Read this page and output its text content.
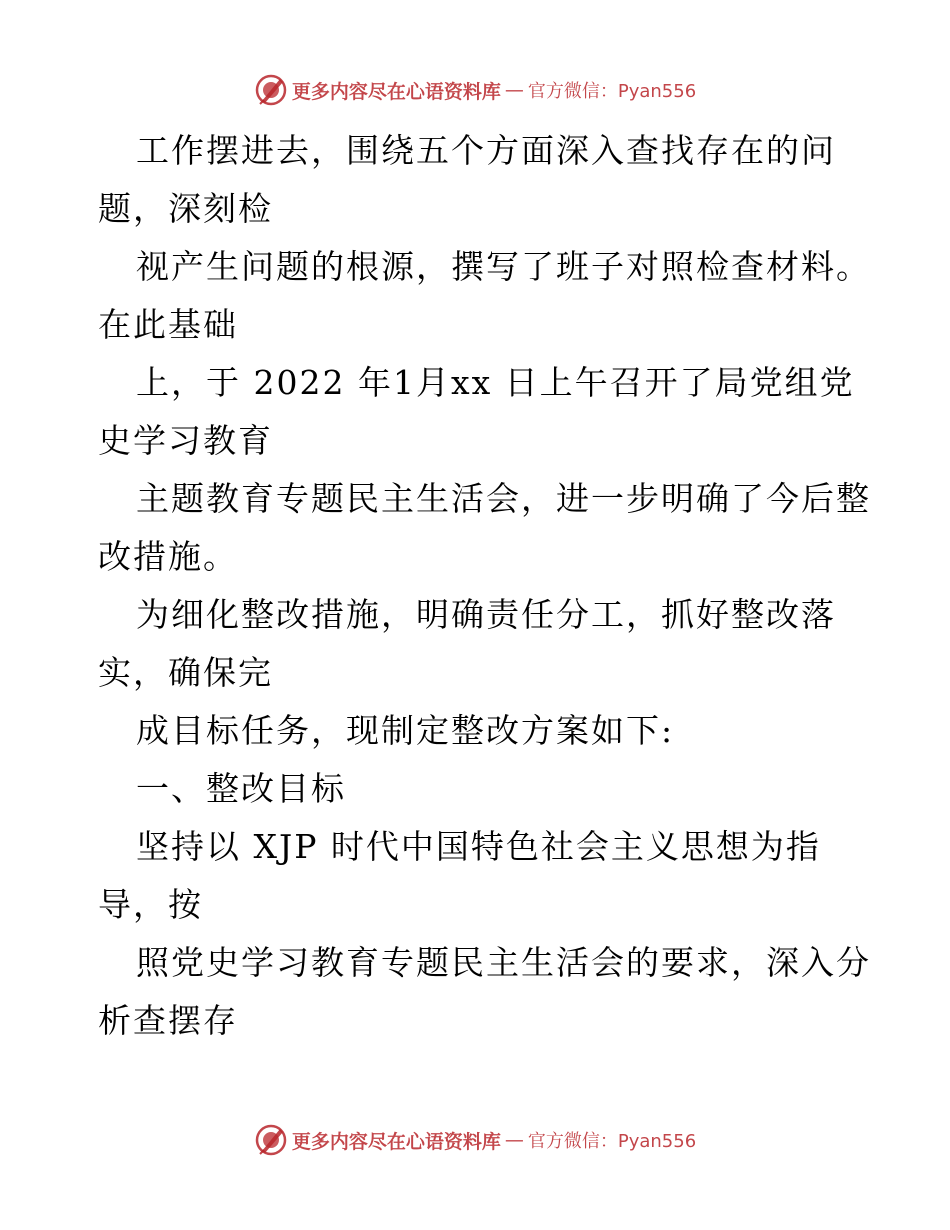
更多内容尽在心语资料库 — 官方微信：Pyan556
工作摆进去，围绕五个方面深入查找存在的问
题，深刻检
视产生问题的根源，撰写了班子对照检查材料。
在此基础
上，于 2022 年1月xx 日上午召开了局党组党
史学习教育
主题教育专题民主生活会，进一步明确了今后整
改措施。
为细化整改措施，明确责任分工，抓好整改落
实，确保完
成目标任务，现制定整改方案如下:
一、整改目标
坚持以 XJP 时代中国特色社会主义思想为指
导，按
照党史学习教育专题民主生活会的要求，深入分
析查摆存
更多内容尽在心语资料库 — 官方微信：Pyan556
